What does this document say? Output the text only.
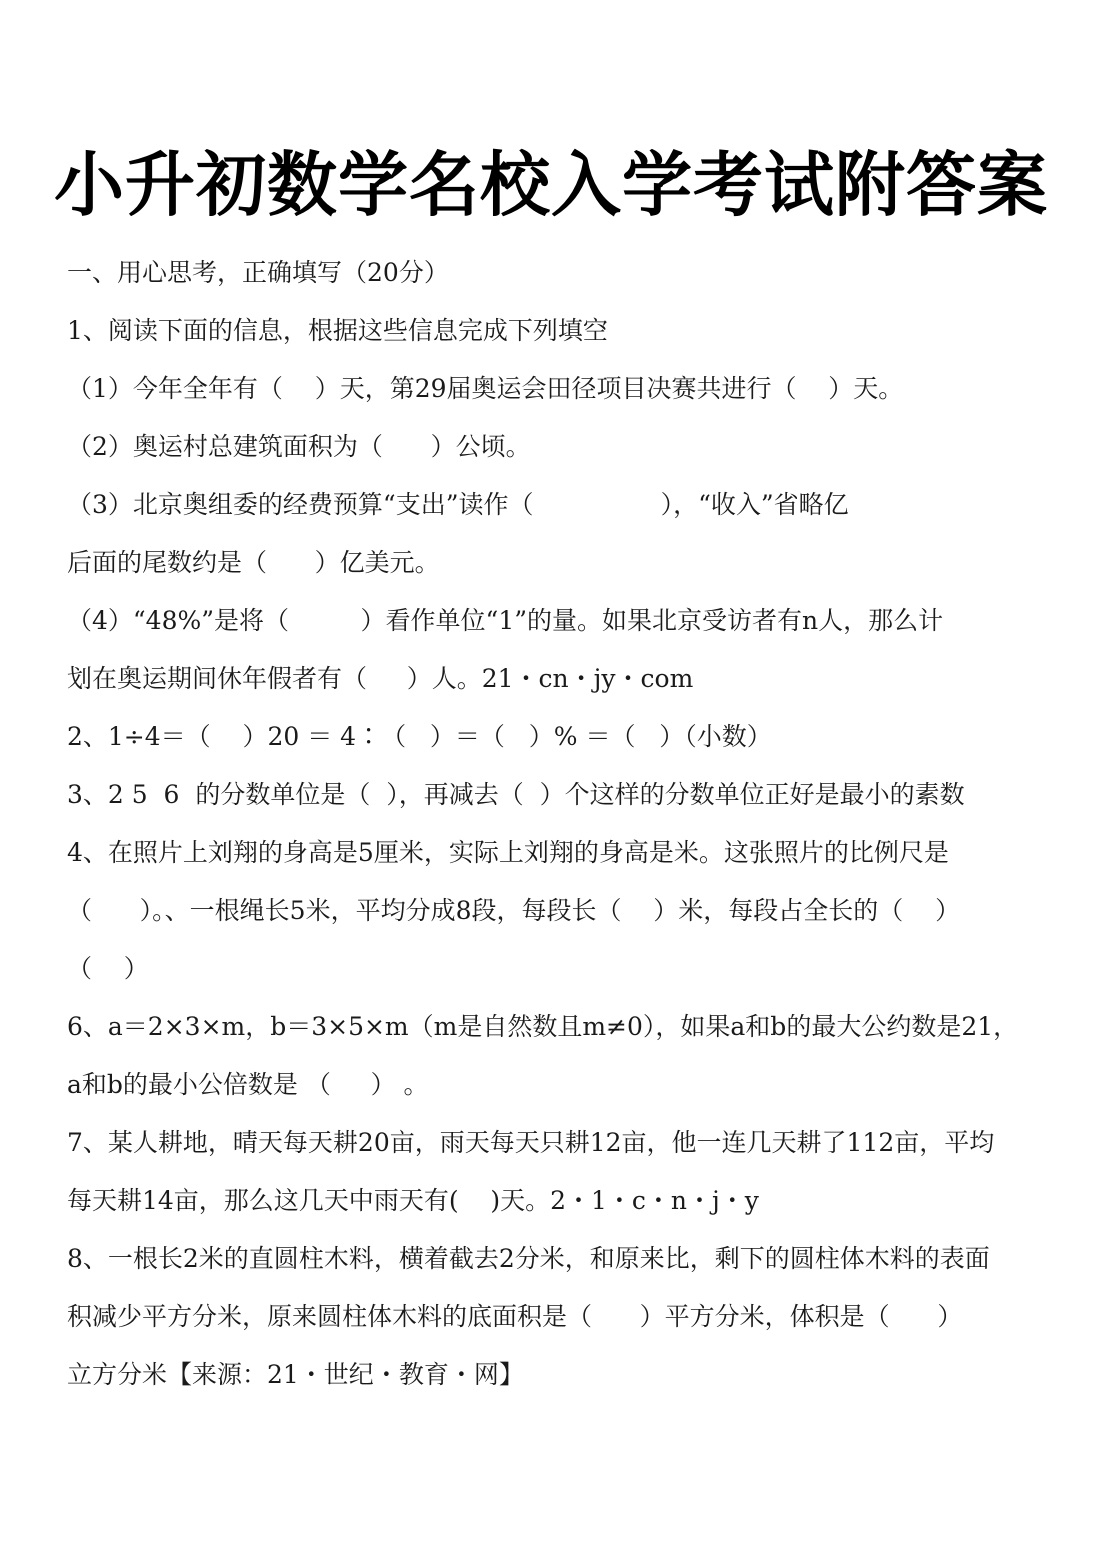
小升初数学名校入学考试附答案
一、用心思考，正确填写（20分）
1、阅读下面的信息，根据这些信息完成下列填空
（1）今年全年有（    ）天，第29届奥运会田径项目决赛共进行（    ）天。
（2）奥运村总建筑面积为（      ）公顷。
（3）北京奥组委的经费预算“支出”读作（                ），“收入”省略亿
后面的尾数约是（      ）亿美元。
（4）“48%”是将（         ）看作单位“1”的量。如果北京受访者有n人，那么计
划在奥运期间休年假者有（     ）人。21・cn・jy・com
2、1÷4＝（    ）20 ＝ 4∶（   ）＝（   ）% ＝（   ）（小数）
3、2 5  6  的分数单位是（  ），再减去（  ）个这样的分数单位正好是最小的素数
4、在照片上刘翔的身高是5厘米，实际上刘翔的身高是米。这张照片的比例尺是
（      ）。、一根绳长5米，平均分成8段，每段长（    ）米，每段占全长的（    ）
（    ）
6、a＝2×3×m，b＝3×5×m（m是自然数且m≠0），如果a和b的最大公约数是21，
a和b的最小公倍数是 （     ） 。
7、某人耕地，晴天每天耕20亩，雨天每天只耕12亩，他一连几天耕了112亩，平均
每天耕14亩，那么这几天中雨天有(    )天。2・1・c・n・j・y
8、一根长2米的直圆柱木料，横着截去2分米，和原来比，剩下的圆柱体木料的表面
积减少平方分米，原来圆柱体木料的底面积是（      ）平方分米，体积是（      ）
立方分米【来源：21・世纪・教育・网】
